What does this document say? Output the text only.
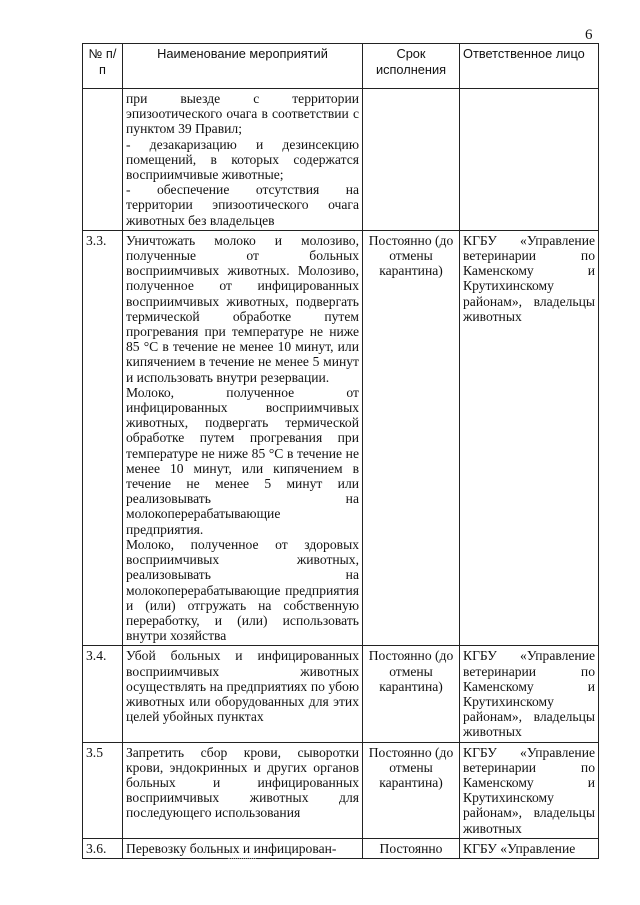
6
№ п/п	Наименование мероприятий	Срок исполнения	Ответственное лицо

	при выезде с территории эпизоотического очага в соответствии с пунктом 39 Правил;
- дезакаризацию и дезинсекцию помещений, в которых содержатся восприимчивые животные;
- обеспечение отсутствия на территории эпизоотического очага животных без владельцев		

3.3.	Уничтожать молоко и молозиво, полученные от больных восприимчивых животных. Молозиво, полученное от инфицированных восприимчивых животных, подвергать термической обработке путем прогревания при температуре не ниже 85 °С в течение не менее 10 минут, или кипячением в течение не менее 5 минут и использовать внутри резервации.
Молоко, полученное от инфицированных восприимчивых животных, подвергать термической обработке путем прогревания при температуре не ниже 85 °С в течение не менее 10 минут, или кипячением в течение не менее 5 минут или реализовывать на молокоперерабатывающие предприятия.
Молоко, полученное от здоровых восприимчивых животных, реализовывать на молокоперерабатывающие предприятия и (или) отгружать на собственную переработку, и (или) использовать внутри хозяйства	Постоянно (до отмены карантина)	КГБУ «Управление ветеринарии по Каменскому и Крутихинскому районам», владельцы животных
3.4.	Убой больных и инфицированных восприимчивых животных осуществлять на предприятиях по убою животных или оборудованных для этих целей убойных пунктах	Постоянно (до отмены карантина)	КГБУ «Управление ветеринарии по Каменскому и Крутихинскому районам», владельцы животных
3.5	Запретить сбор крови, сыворотки крови, эндокринных и других органов больных и инфицированных восприимчивых животных для последующего использования	Постоянно (до отмены карантина)	КГБУ «Управление ветеринарии по Каменскому и Крутихинскому районам», владельцы животных
3.6.	Перевозку больных и инфицирован-	Постоянно	КГБУ «Управление
